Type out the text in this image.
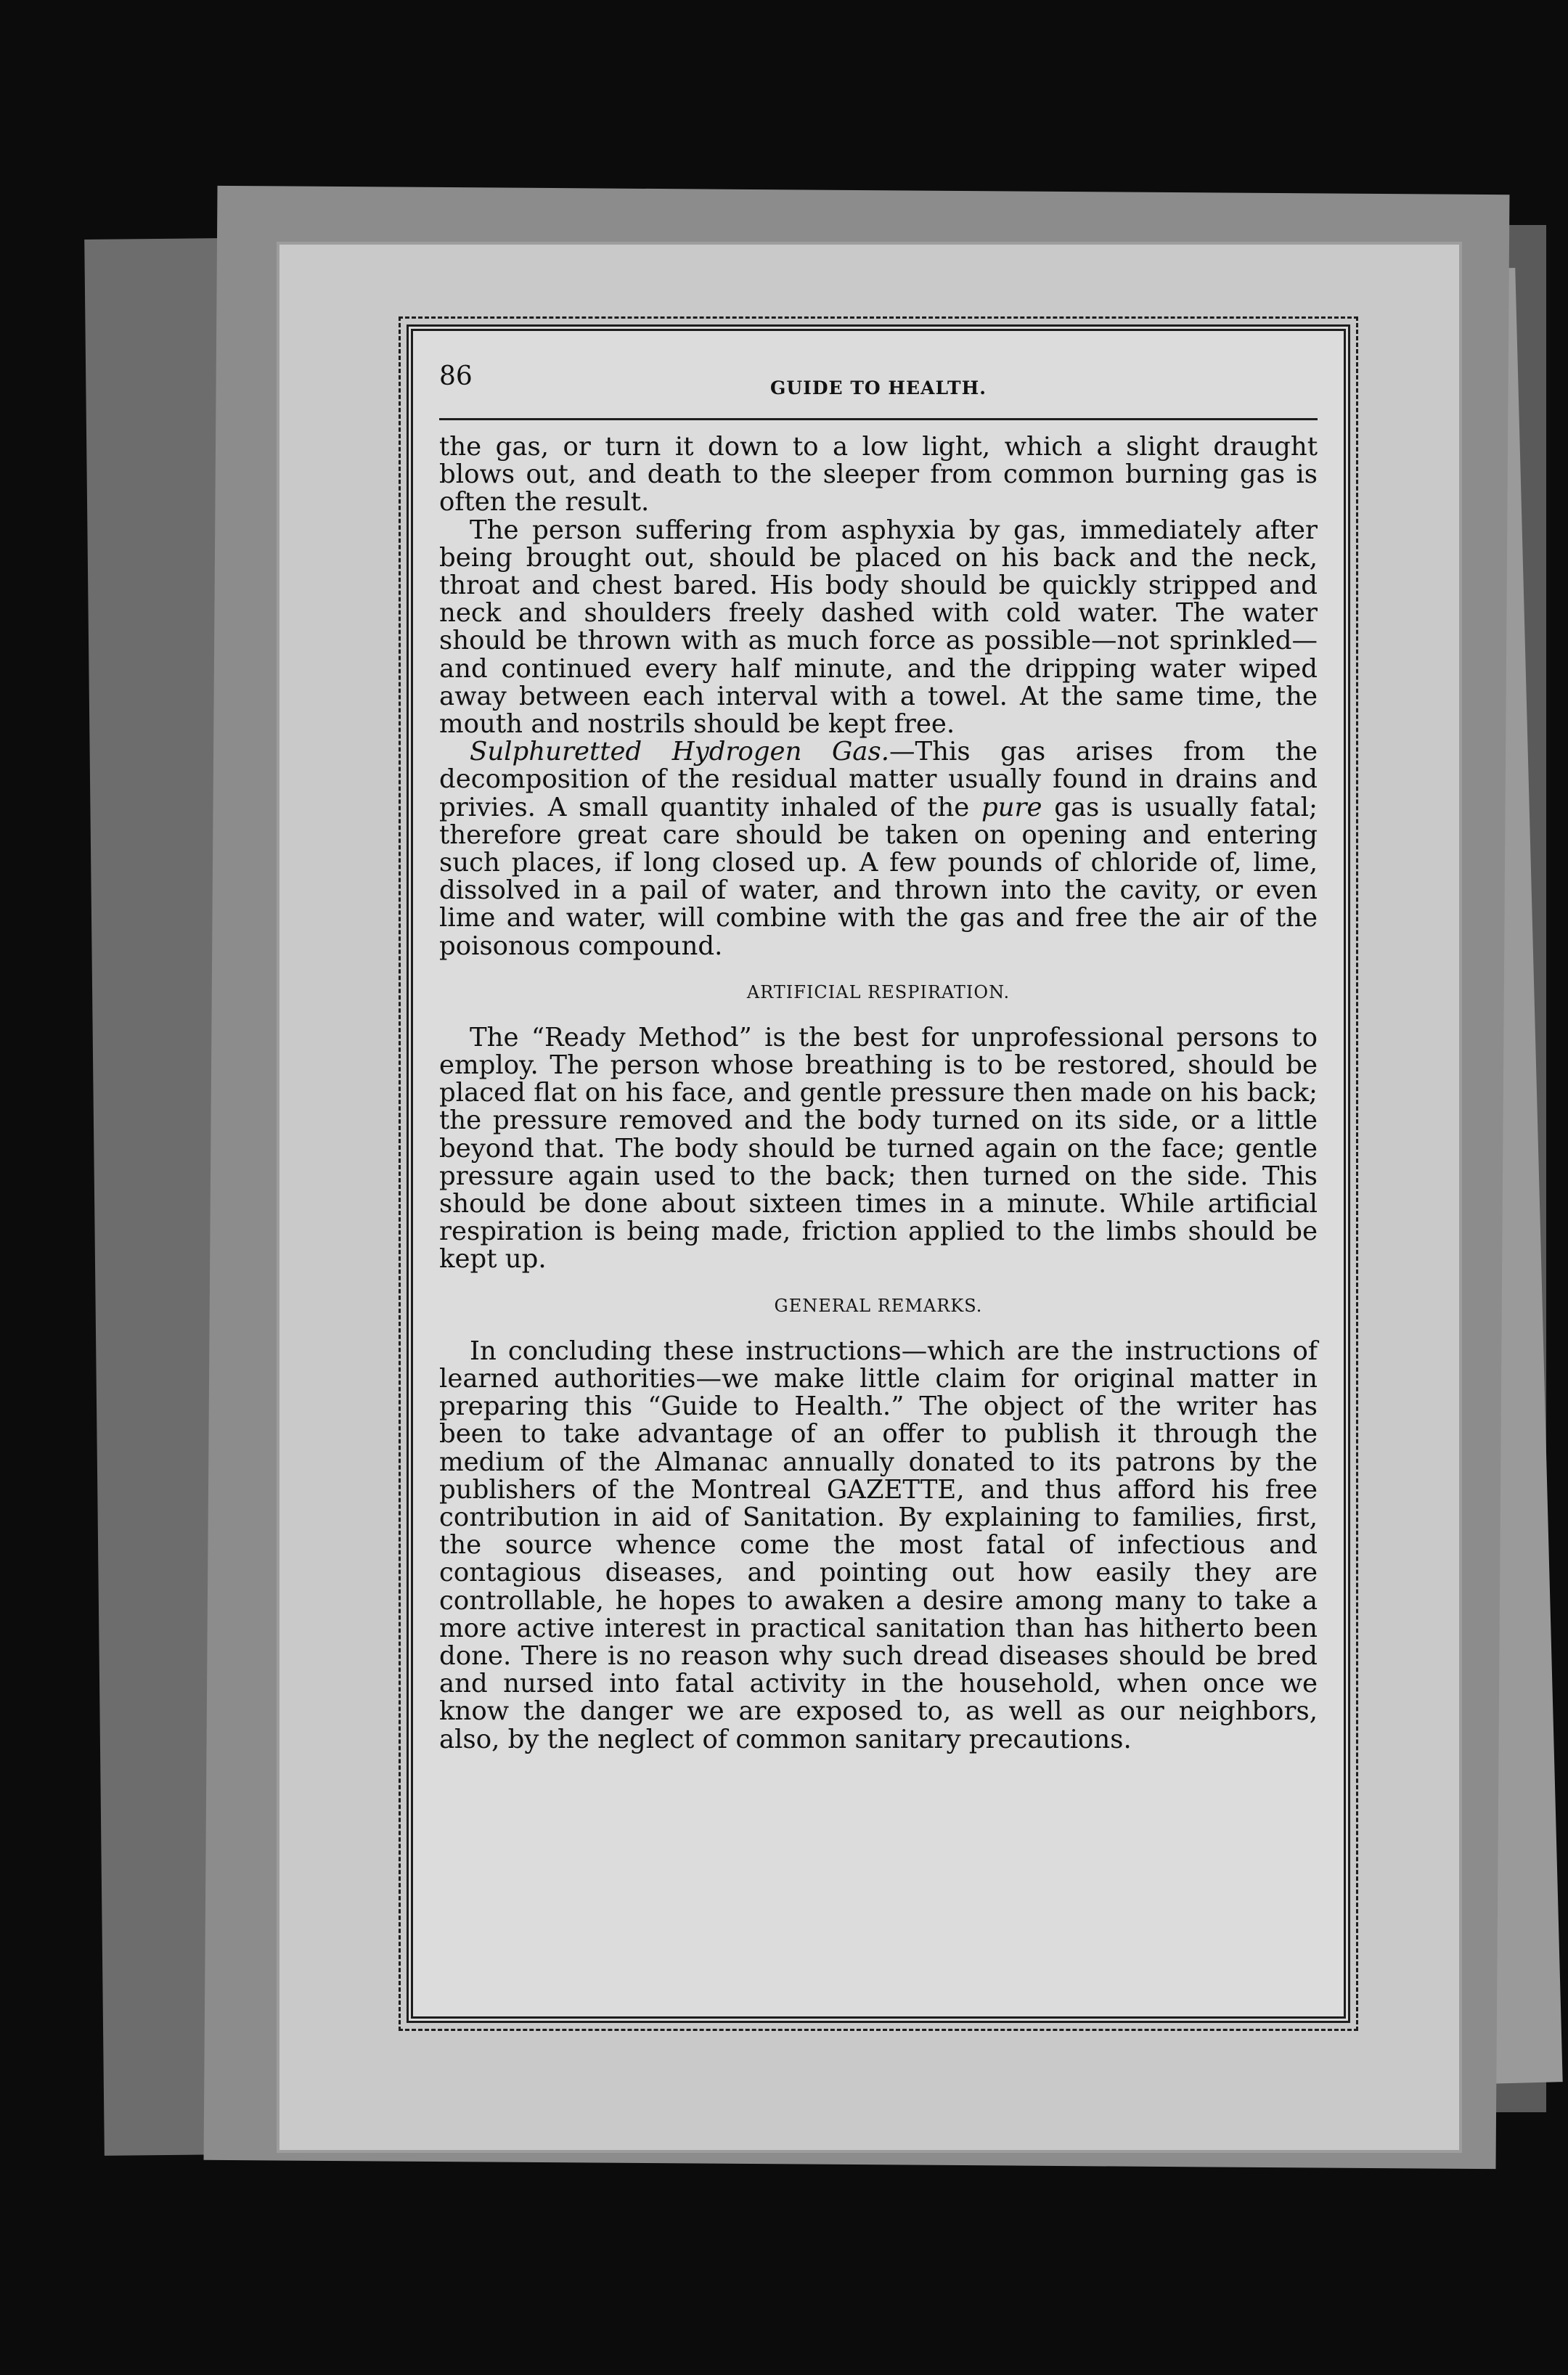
86	GUIDE TO HEALTH.

the gas, or turn it down to a low light, which a slight draught blows out, and death to the sleeper from common burning gas is often the result.

The person suffering from asphyxia by gas, immediately after being brought out, should be placed on his back and the neck, throat and chest bared. His body should be quickly stripped and neck and shoulders freely dashed with cold water. The water should be thrown with as much force as possible—not sprinkled—and continued every half minute, and the dripping water wiped away between each interval with a towel. At the same time, the mouth and nostrils should be kept free.

Sulphuretted Hydrogen Gas.—This gas arises from the decomposition of the residual matter usually found in drains and privies. A small quantity inhaled of the pure gas is usually fatal; therefore great care should be taken on opening and entering such places, if long closed up. A few pounds of chloride of, lime, dissolved in a pail of water, and thrown into the cavity, or even lime and water, will combine with the gas and free the air of the poisonous compound.

ARTIFICIAL RESPIRATION.

The “Ready Method” is the best for unprofessional persons to employ. The person whose breathing is to be restored, should be placed flat on his face, and gentle pressure then made on his back; the pressure removed and the body turned on its side, or a little beyond that. The body should be turned again on the face; gentle pressure again used to the back; then turned on the side. This should be done about sixteen times in a minute. While artificial respiration is being made, friction applied to the limbs should be kept up.

GENERAL REMARKS.

In concluding these instructions—which are the instructions of learned authorities—we make little claim for original matter in preparing this “Guide to Health.” The object of the writer has been to take advantage of an offer to publish it through the medium of the Almanac annually donated to its patrons by the publishers of the Montreal GAZETTE, and thus afford his free contribution in aid of Sanitation. By explaining to families, first, the source whence come the most fatal of infectious and contagious diseases, and pointing out how easily they are controllable, he hopes to awaken a desire among many to take a more active interest in practical sanitation than has hitherto been done. There is no reason why such dread diseases should be bred and nursed into fatal activity in the household, when once we know the danger we are exposed to, as well as our neighbors, also, by the neglect of common sanitary precautions.
